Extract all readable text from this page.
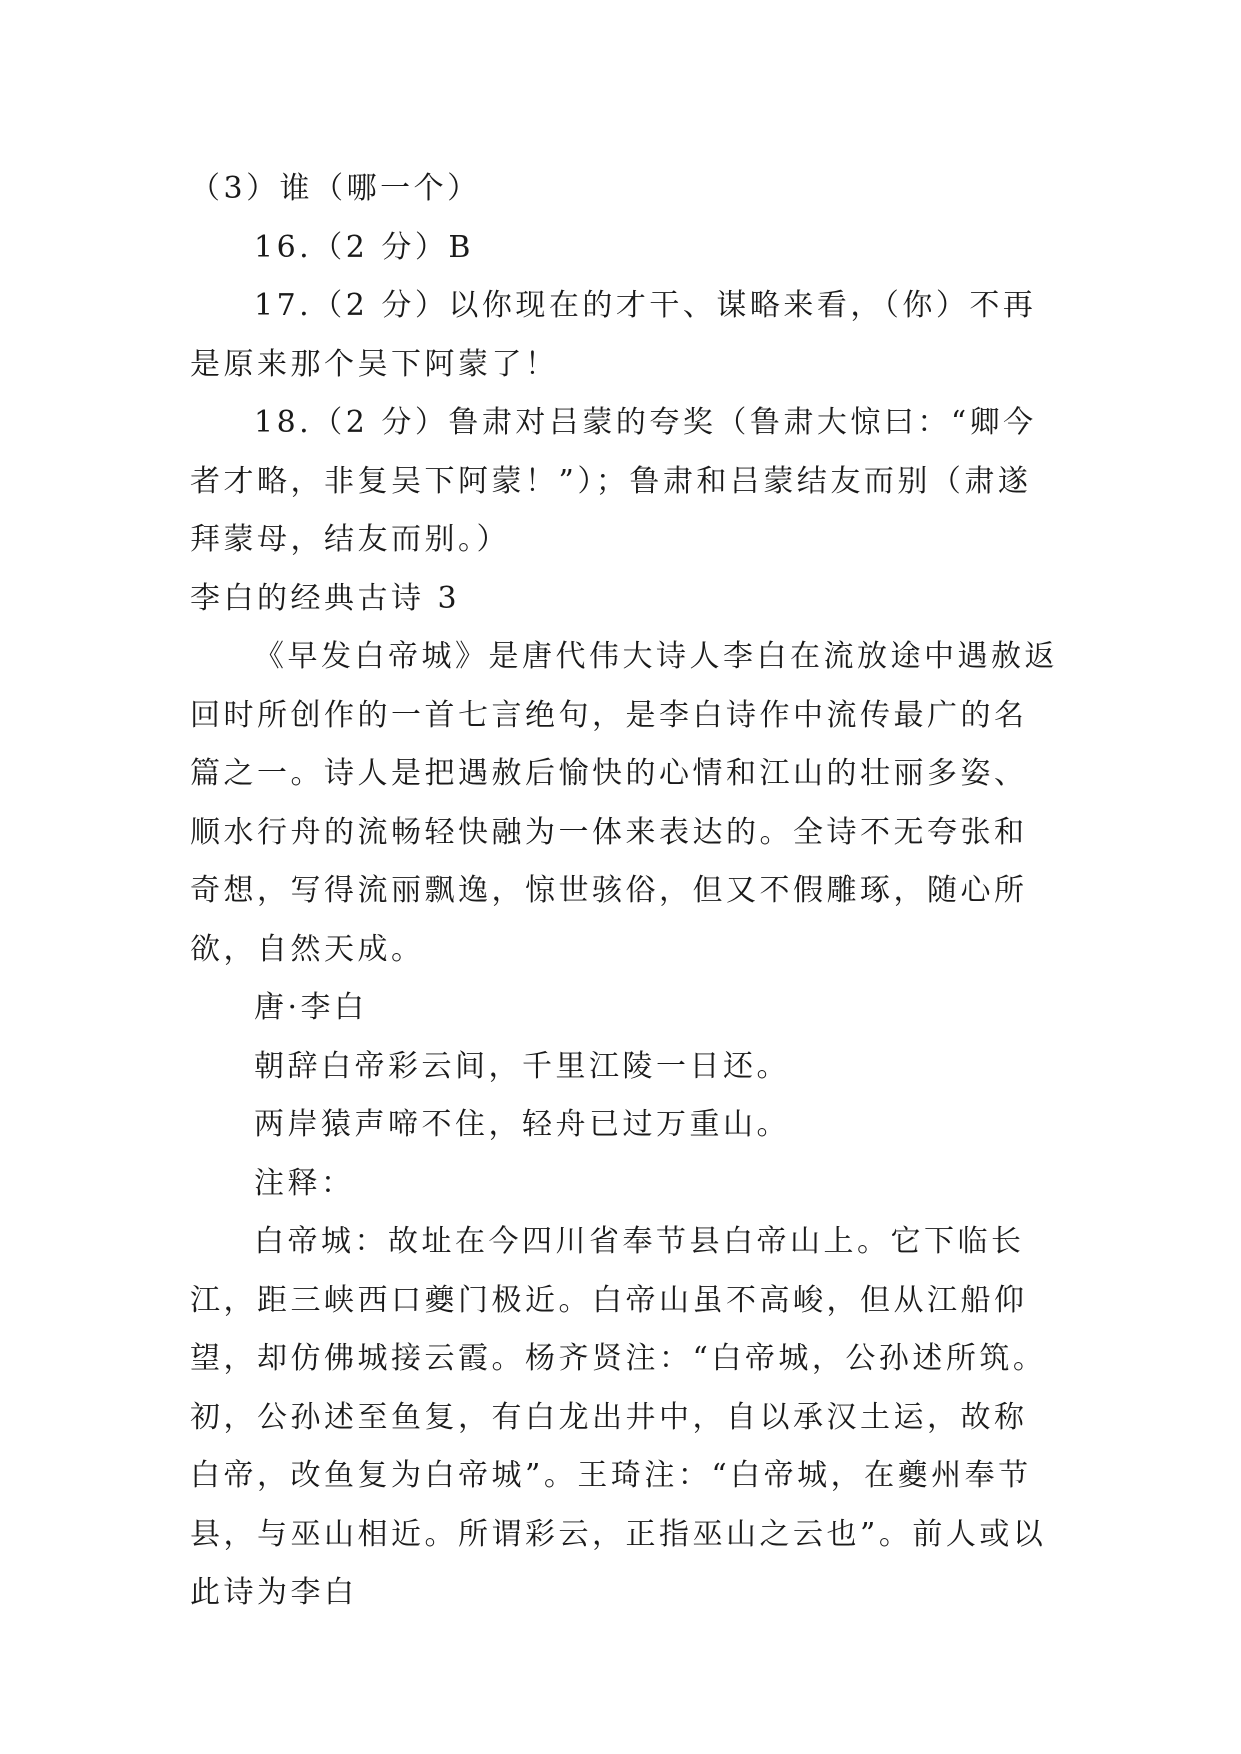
（3）谁（哪一个）

16.（2 分）B

17.（2 分）以你现在的才干、谋略来看，（你）不再是原来那个吴下阿蒙了！

18.（2 分）鲁肃对吕蒙的夸奖（鲁肃大惊曰：“卿今者才略，非复吴下阿蒙！”）；鲁肃和吕蒙结友而别（肃遂拜蒙母，结友而别。）

李白的经典古诗 3

《早发白帝城》是唐代伟大诗人李白在流放途中遇赦返回时所创作的一首七言绝句，是李白诗作中流传最广的名篇之一。诗人是把遇赦后愉快的心情和江山的壮丽多姿、顺水行舟的流畅轻快融为一体来表达的。全诗不无夸张和奇想，写得流丽飘逸，惊世骇俗，但又不假雕琢，随心所欲，自然天成。

唐·李白

朝辞白帝彩云间，千里江陵一日还。

两岸猿声啼不住，轻舟已过万重山。

注释：

白帝城：故址在今四川省奉节县白帝山上。它下临长江，距三峡西口夔门极近。白帝山虽不高峻，但从江船仰望，却仿佛城接云霞。杨齐贤注：“白帝城，公孙述所筑。初，公孙述至鱼复，有白龙出井中，自以承汉土运，故称白帝，改鱼复为白帝城”。王琦注：“白帝城，在夔州奉节县，与巫山相近。所谓彩云，正指巫山之云也”。前人或以此诗为李白
